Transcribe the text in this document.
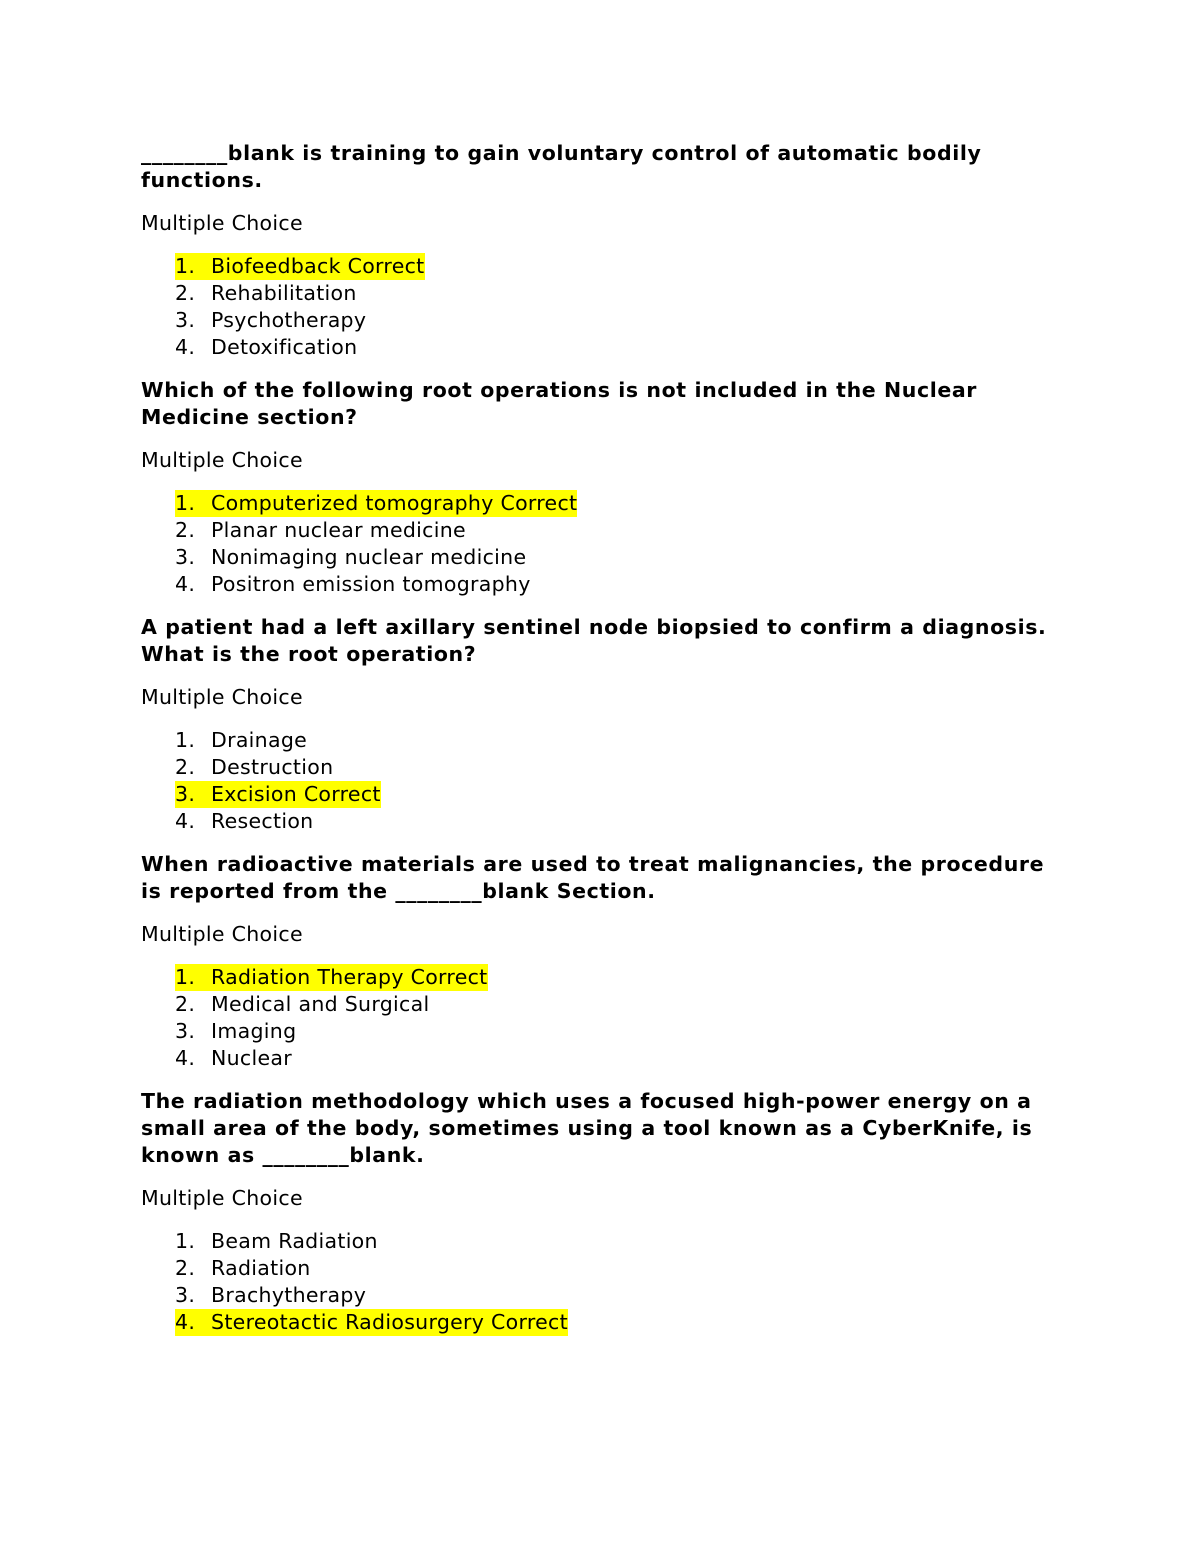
________blank is training to gain voluntary control of automatic bodily functions.

Multiple Choice

1. Biofeedback Correct
2. Rehabilitation
3. Psychotherapy
4. Detoxification

Which of the following root operations is not included in the Nuclear Medicine section?

Multiple Choice

1. Computerized tomography Correct
2. Planar nuclear medicine
3. Nonimaging nuclear medicine
4. Positron emission tomography

A patient had a left axillary sentinel node biopsied to confirm a diagnosis. What is the root operation?

Multiple Choice

1. Drainage
2. Destruction
3. Excision Correct
4. Resection

When radioactive materials are used to treat malignancies, the procedure is reported from the ________blank Section.

Multiple Choice

1. Radiation Therapy Correct
2. Medical and Surgical
3. Imaging
4. Nuclear

The radiation methodology which uses a focused high-power energy on a small area of the body, sometimes using a tool known as a CyberKnife, is known as ________blank.

Multiple Choice

1. Beam Radiation
2. Radiation
3. Brachytherapy
4. Stereotactic Radiosurgery Correct
